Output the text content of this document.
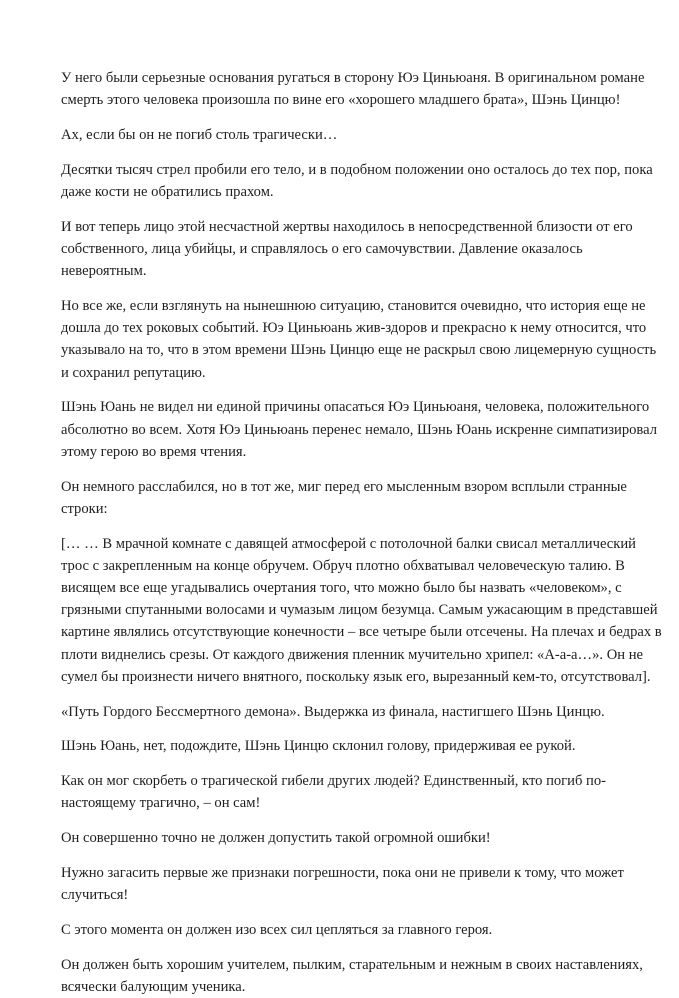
У него были серьезные основания ругаться в сторону Юэ Циньюаня. В оригинальном романе смерть этого человека произошла по вине его «хорошего младшего брата», Шэнь Цинцю!

Ах, если бы он не погиб столь трагически…

Десятки тысяч стрел пробили его тело, и в подобном положении оно осталось до тех пор, пока даже кости не обратились прахом.

И вот теперь лицо этой несчастной жертвы находилось в непосредственной близости от его собственного, лица убийцы, и справлялось о его самочувствии. Давление оказалось невероятным.

Но все же, если взглянуть на нынешнюю ситуацию, становится очевидно, что история еще не дошла до тех роковых событий. Юэ Циньюань жив-здоров и прекрасно к нему относится, что указывало на то, что в этом времени Шэнь Цинцю еще не раскрыл свою лицемерную сущность и сохранил репутацию.

Шэнь Юань не видел ни единой причины опасаться Юэ Циньюаня, человека, положительного абсолютно во всем. Хотя Юэ Циньюань перенес немало, Шэнь Юань искренне симпатизировал этому герою во время чтения.

Он немного расслабился, но в тот же, миг перед его мысленным взором всплыли странные строки:

[… … В мрачной комнате с давящей атмосферой с потолочной балки свисал металлический трос с закрепленным на конце обручем. Обруч плотно обхватывал человеческую талию. В висящем все еще угадывались очертания того, что можно было бы назвать «человеком», с грязными спутанными волосами и чумазым лицом безумца. Самым ужасающим в представшей картине являлись отсутствующие конечности – все четыре были отсечены. На плечах и бедрах в плоти виднелись срезы. От каждого движения пленник мучительно хрипел: «А-а-а…». Он не сумел бы произнести ничего внятного, поскольку язык его, вырезанный кем-то, отсутствовал].

«Путь Гордого Бессмертного демона». Выдержка из финала, настигшего Шэнь Цинцю.

Шэнь Юань, нет, подождите, Шэнь Цинцю склонил голову, придерживая ее рукой.

Как он мог скорбеть о трагической гибели других людей? Единственный, кто погиб по-настоящему трагично, – он сам!

Он совершенно точно не должен допустить такой огромной ошибки!

Нужно загасить первые же признаки погрешности, пока они не привели к тому, что может случиться!

С этого момента он должен изо всех сил цепляться за главного героя.

Он должен быть хорошим учителем, пылким, старательным и нежным в своих наставлениях, всячески балующим ученика.
